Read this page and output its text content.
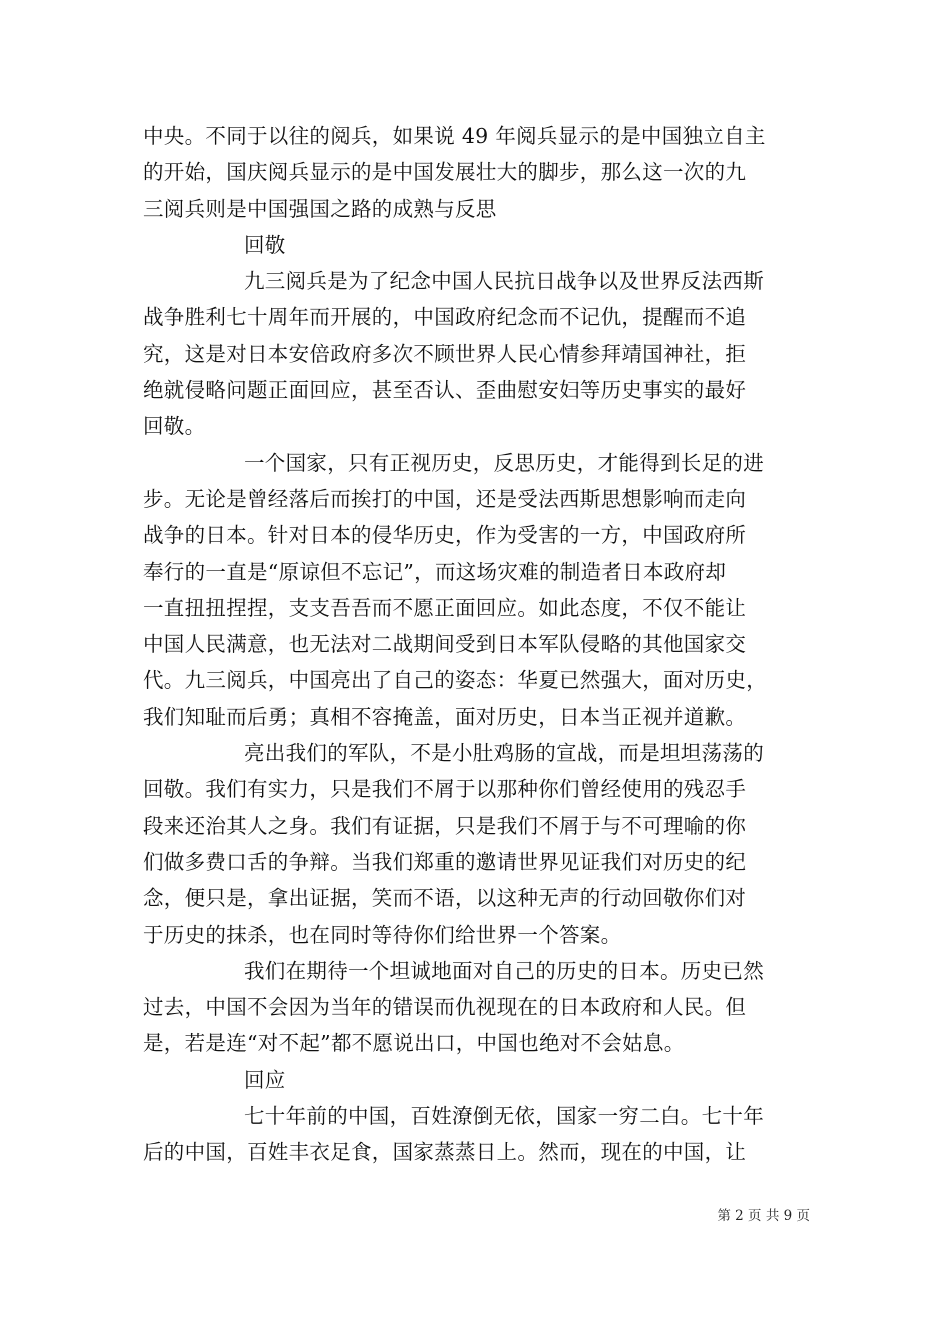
中央。不同于以往的阅兵，如果说 49 年阅兵显示的是中国独立自主
的开始，国庆阅兵显示的是中国发展壮大的脚步，那么这一次的九
三阅兵则是中国强国之路的成熟与反思
回敬
九三阅兵是为了纪念中国人民抗日战争以及世界反法西斯
战争胜利七十周年而开展的，中国政府纪念而不记仇，提醒而不追
究，这是对日本安倍政府多次不顾世界人民心情参拜靖国神社，拒
绝就侵略问题正面回应，甚至否认、歪曲慰安妇等历史事实的最好
回敬。
一个国家，只有正视历史，反思历史，才能得到长足的进
步。无论是曾经落后而挨打的中国，还是受法西斯思想影响而走向
战争的日本。针对日本的侵华历史，作为受害的一方，中国政府所
奉行的一直是“原谅但不忘记”，而这场灾难的制造者日本政府却
一直扭扭捏捏，支支吾吾而不愿正面回应。如此态度，不仅不能让
中国人民满意，也无法对二战期间受到日本军队侵略的其他国家交
代。九三阅兵，中国亮出了自己的姿态：华夏已然强大，面对历史，
我们知耻而后勇；真相不容掩盖，面对历史，日本当正视并道歉。
亮出我们的军队，不是小肚鸡肠的宣战，而是坦坦荡荡的
回敬。我们有实力，只是我们不屑于以那种你们曾经使用的残忍手
段来还治其人之身。我们有证据，只是我们不屑于与不可理喻的你
们做多费口舌的争辩。当我们郑重的邀请世界见证我们对历史的纪
念，便只是，拿出证据，笑而不语，以这种无声的行动回敬你们对
于历史的抹杀，也在同时等待你们给世界一个答案。
我们在期待一个坦诚地面对自己的历史的日本。历史已然
过去，中国不会因为当年的错误而仇视现在的日本政府和人民。但
是，若是连“对不起”都不愿说出口，中国也绝对不会姑息。
回应
七十年前的中国，百姓潦倒无依，国家一穷二白。七十年
后的中国，百姓丰衣足食，国家蒸蒸日上。然而，现在的中国，让
第 2 页 共 9 页
